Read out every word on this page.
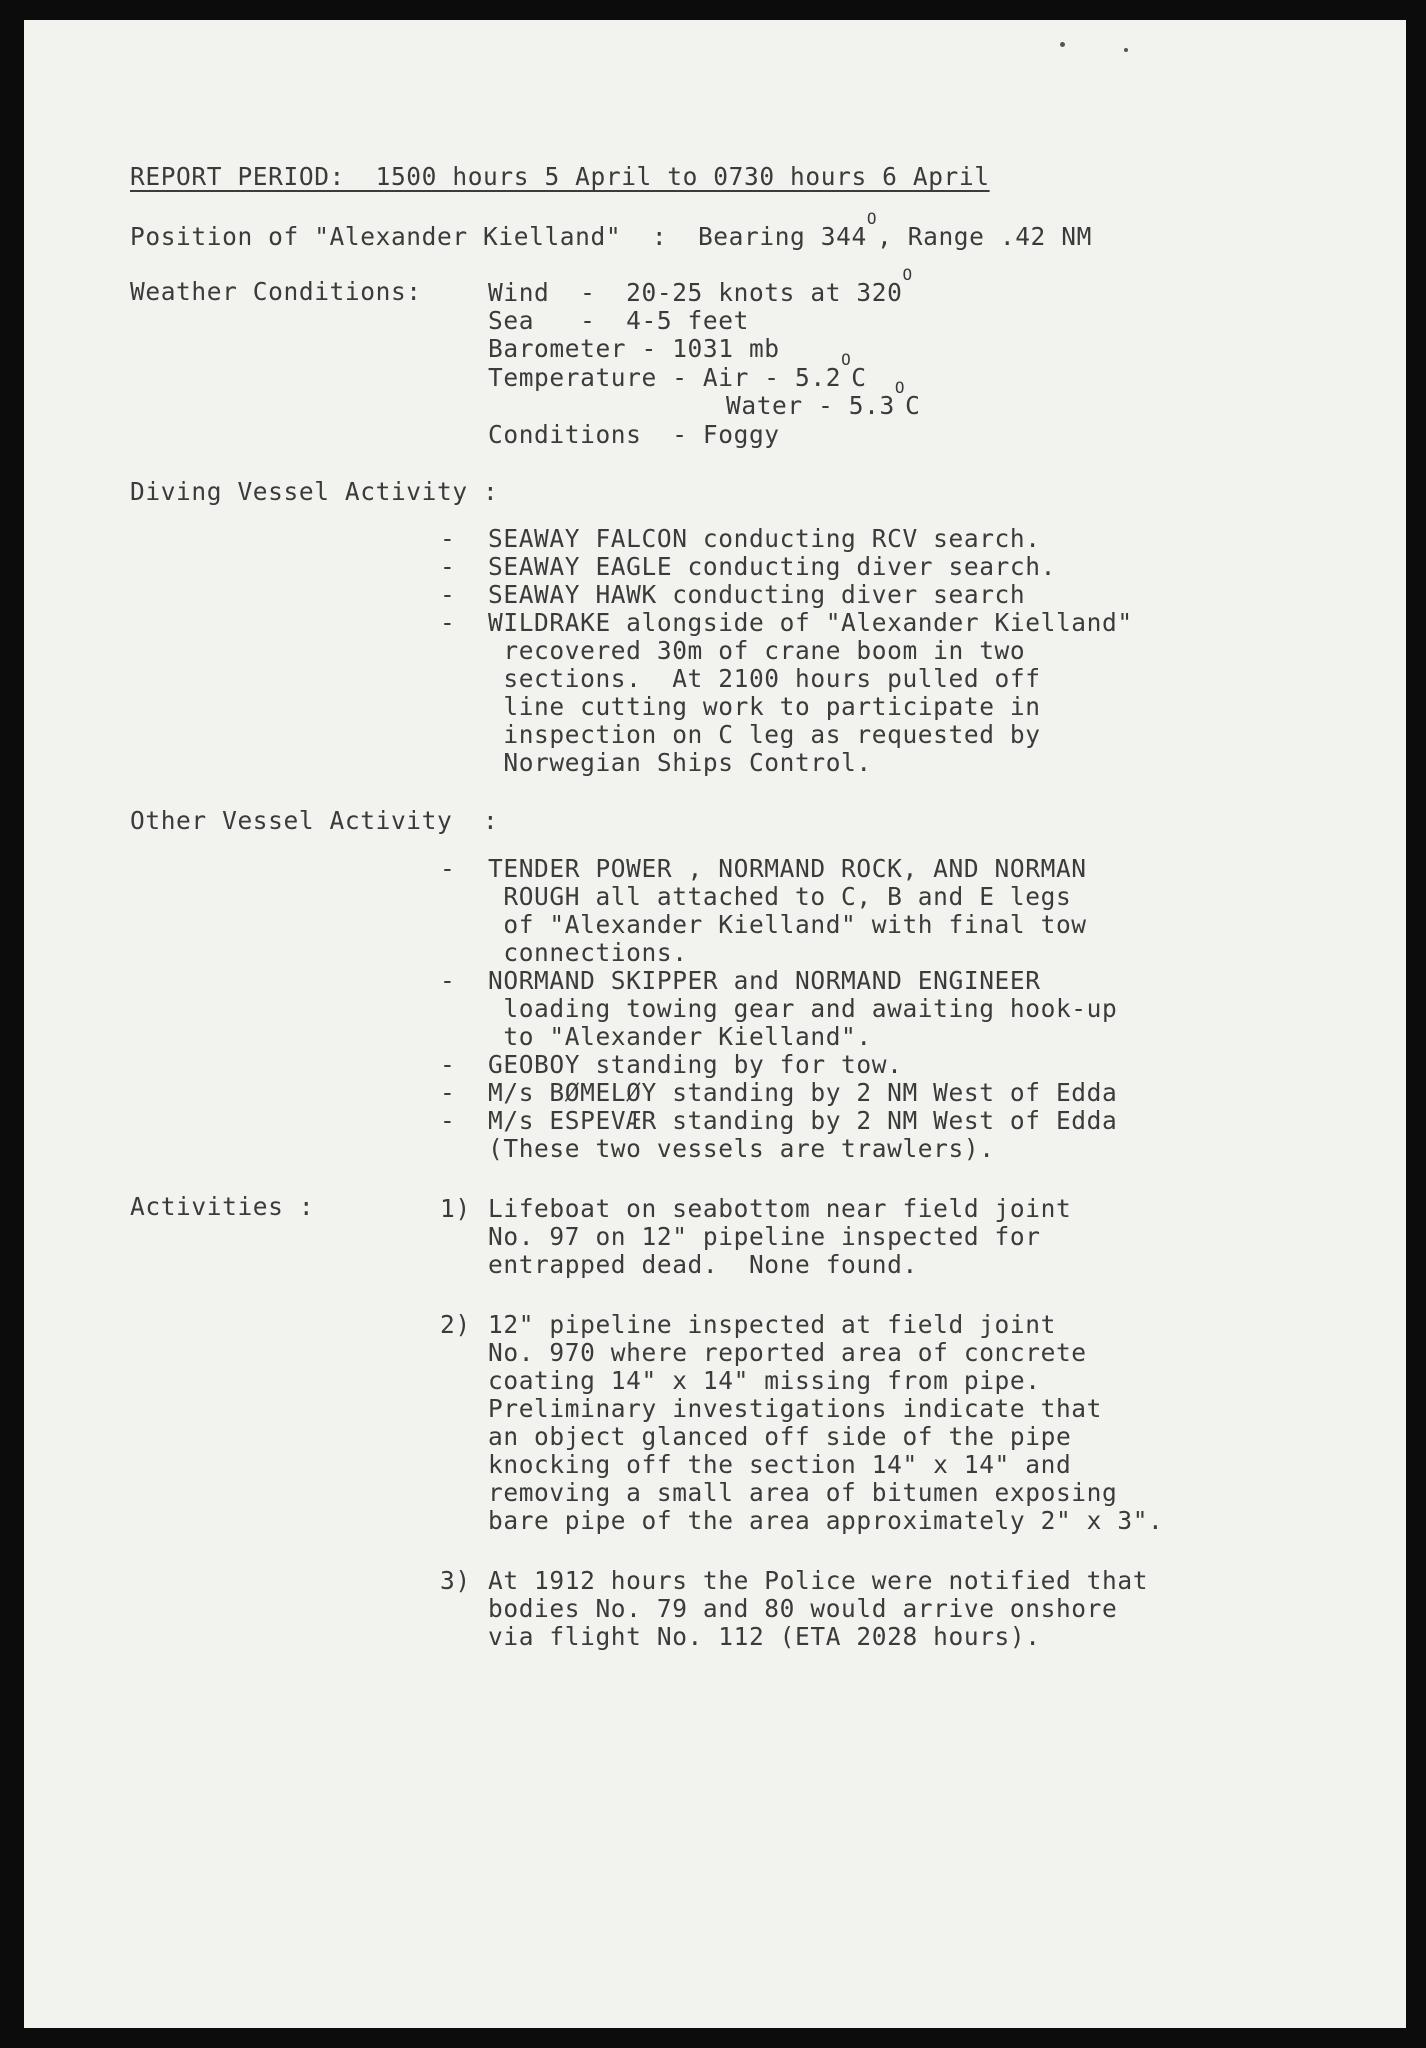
REPORT PERIOD:  1500 hours 5 April to 0730 hours 6 April
Position of "Alexander Kielland"  :  Bearing $344^O$, Range .42 NM
Weather Conditions:	Wind  -  20-25 knots at $320^O$
Sea   -  4-5 feet
Barometer - 1031 mb
Temperature - Air - $5.2^OC$
Water - $5.3^OC$
Conditions  - Foggy
Diving Vessel Activity :
-
-
-
-
SEAWAY FALCON conducting RCV search.
SEAWAY EAGLE conducting diver search.
SEAWAY HAWK conducting diver search
WILDRAKE alongside of "Alexander Kielland"
recovered 30m of crane boom in two
sections.  At 2100 hours pulled off
line cutting work to participate in
inspection on C leg as requested by
Norwegian Ships Control.
Other Vessel Activity  :
-
-
-
-
-
TENDER POWER , NORMAND ROCK, AND NORMAN
ROUGH all attached to C, B and E legs
of "Alexander Kielland" with final tow
connections.
NORMAND SKIPPER and NORMAND ENGINEER
loading towing gear and awaiting hook-up
to "Alexander Kielland".
GEOBOY standing by for tow.
M/s BØMELØY standing by 2 NM West of Edda
M/s ESPEVÆR standing by 2 NM West of Edda
(These two vessels are trawlers).
Activities :	1) Lifeboat on seabottom near field joint
No. 97 on 12" pipeline inspected for
entrapped dead.  None found.
2) 12" pipeline inspected at field joint
No. 970 where reported area of concrete
coating 14" x 14" missing from pipe.
Preliminary investigations indicate that
an object glanced off side of the pipe
knocking off the section 14" x 14" and
removing a small area of bitumen exposing
bare pipe of the area approximately 2" x 3".
3) At 1912 hours the Police were notified that
bodies No. 79 and 80 would arrive onshore
via flight No. 112 (ETA 2028 hours).
